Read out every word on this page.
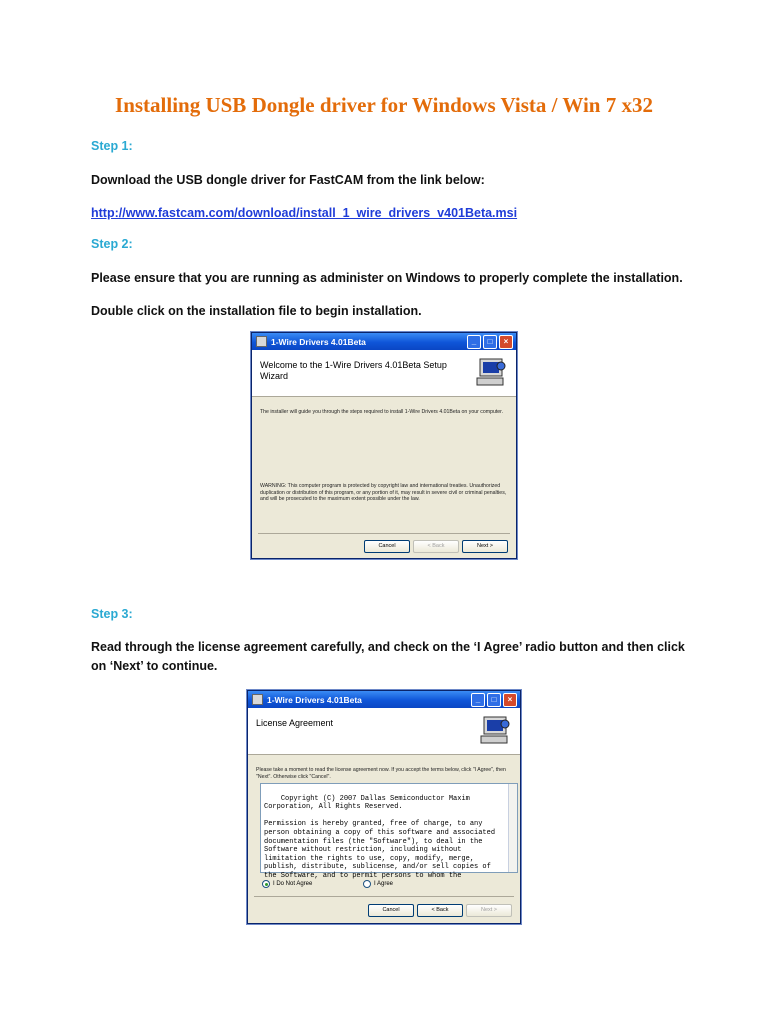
Installing USB Dongle driver for Windows Vista / Win 7 x32
Step 1:
Download the USB dongle driver for FastCAM from the link below:
http://www.fastcam.com/download/install_1_wire_drivers_v401Beta.msi
Step 2:
Please ensure that you are running as administer on Windows to properly complete the installation.
Double click on the installation file to begin installation.
1-Wire Drivers 4.01Beta	_	□	×
Welcome to the 1-Wire Drivers 4.01Beta Setup Wizard
The installer will guide you through the steps required to install 1-Wire Drivers 4.01Beta on your computer.
WARNING: This computer program is protected by copyright law and international treaties. Unauthorized duplication or distribution of this program, or any portion of it, may result in severe civil or criminal penalties, and will be prosecuted to the maximum extent possible under the law.
Cancel	< Back	Next >
Step 3:
Read through the license agreement carefully, and check on the ‘I Agree’ radio button and then click on ‘Next’ to continue.
1-Wire Drivers 4.01Beta	_	□	×
License Agreement
Please take a moment to read the license agreement now. If you accept the terms below, click "I Agree", then "Next". Otherwise click "Cancel".

Copyright (C) 2007 Dallas Semiconductor Maxim
Corporation, All Rights Reserved.

Permission is hereby granted, free of charge, to any
person obtaining a copy of this software and associated
documentation files (the "Software"), to deal in the
Software without restriction, including without
limitation the rights to use, copy, modify, merge,
publish, distribute, sublicense, and/or sell copies of
the Software, and to permit persons to whom the

I Do Not Agree	I Agree
Cancel	< Back	Next >
